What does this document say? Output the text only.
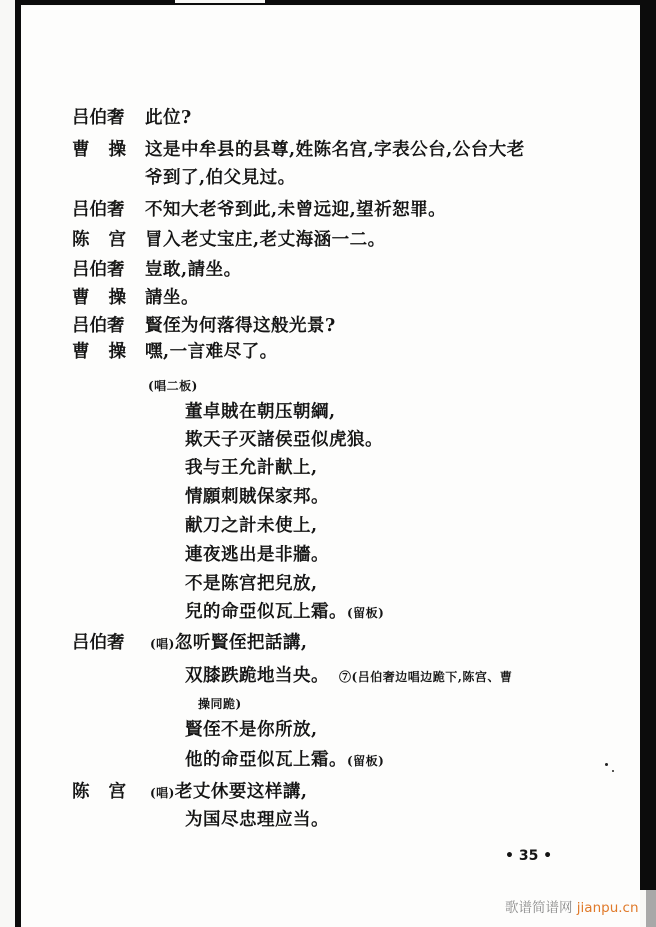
吕伯奢 此位?
曹操 这是中牟县的县尊,姓陈名宫,字表公台,公台大老
爷到了,伯父見过。
吕伯奢 不知大老爷到此,未曾远迎,望祈恕罪。
陈宫 冒入老丈宝庄,老丈海涵一二。
吕伯奢 豈敢,請坐。
曹操 請坐。
吕伯奢 賢侄为何落得这般光景?
曹操 嘿,一言难尽了。
(唱二板)
董卓賊在朝压朝綱,
欺天子灭諸侯亞似虎狼。
我与王允計献上,
情願刺賊保家邦。
献刀之計未使上,
連夜逃出是非牆。
不是陈宫把兒放,
兒的命亞似瓦上霜。(留板)
吕伯奢 (唱)忽听賢侄把話講,
双膝跌跪地当央。 ⑦(吕伯奢边唱边跪下,陈宫、曹
操同跪)
賢侄不是你所放,
他的命亞似瓦上霜。(留板)
陈宫 (唱)老丈休要这样講,
为国尽忠理应当。
• 35 •
歌谱简谱网 jianpu.cn
